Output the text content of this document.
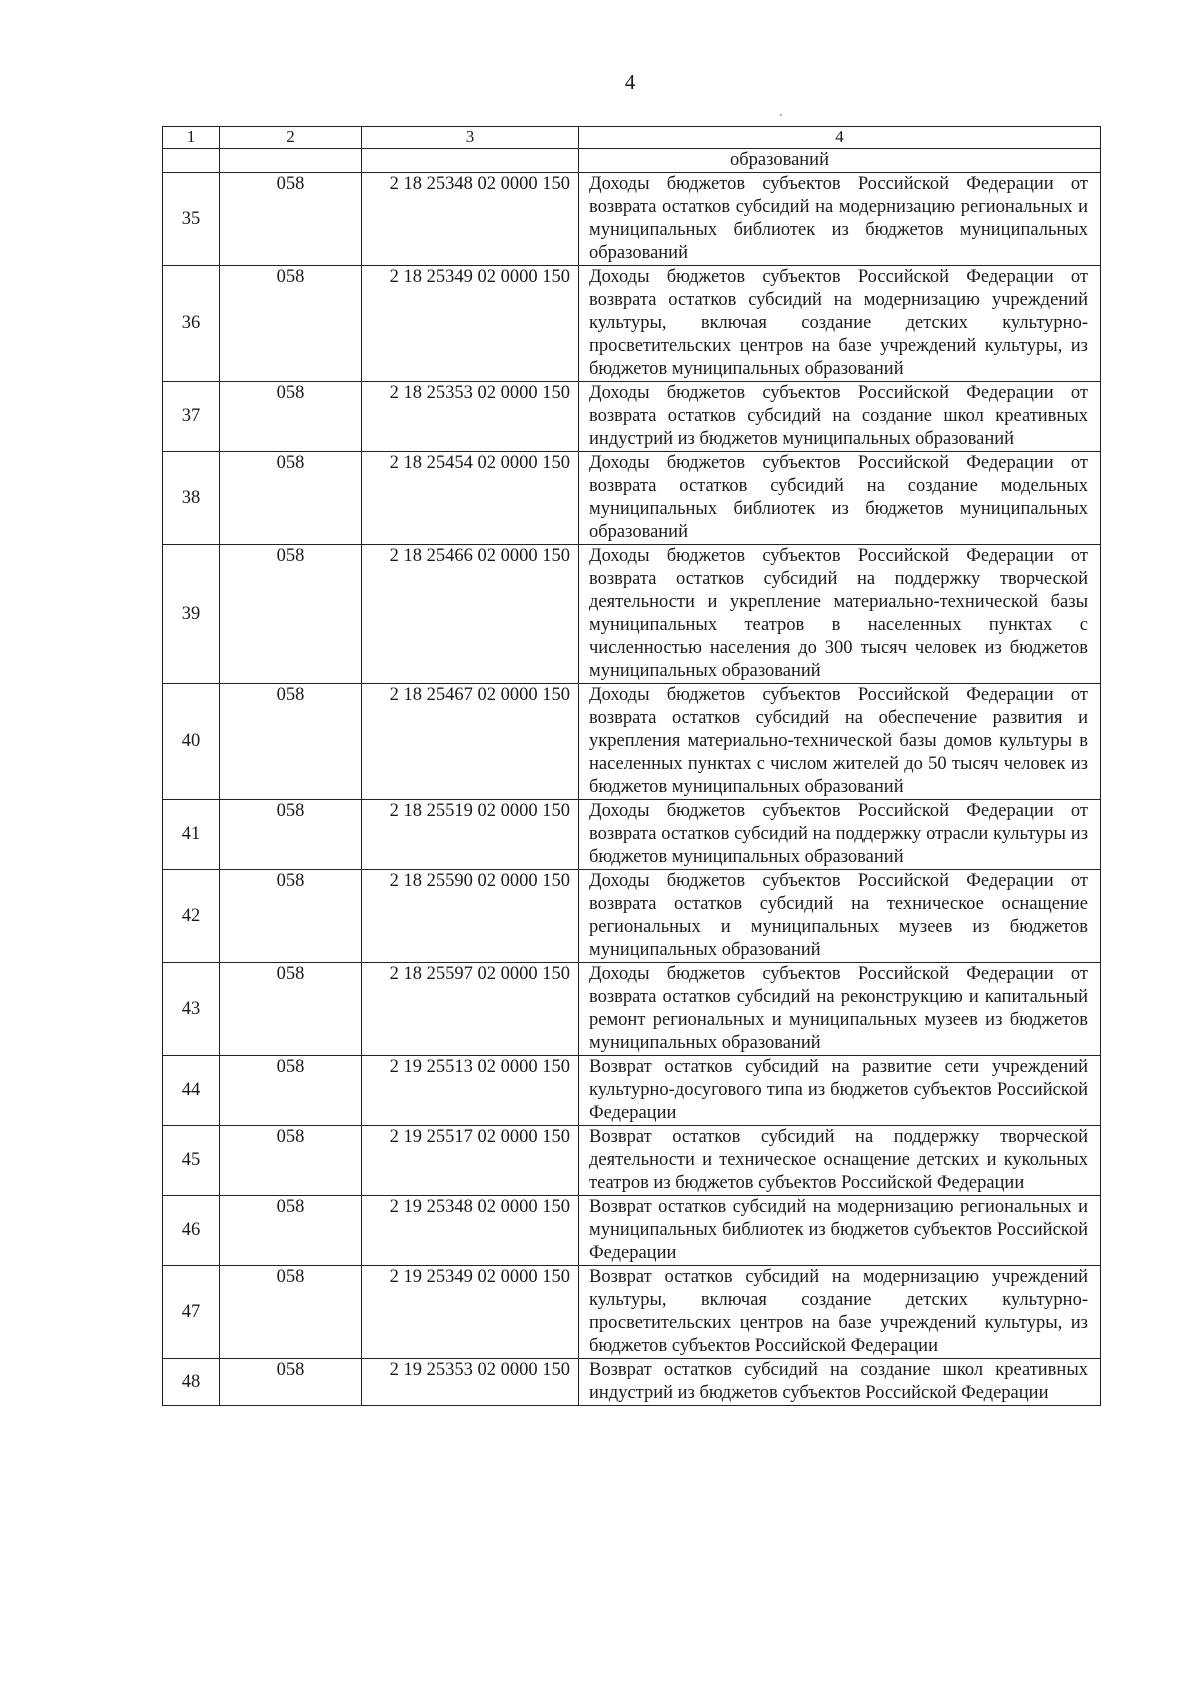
4
1	2	3	4
			образований
35	058	2 18 25348 02 0000 150	Доходы бюджетов субъектов Российской Федерации от возврата остатков субсидий на модернизацию региональных и муниципальных библиотек из бюджетов муниципальных образований
36	058	2 18 25349 02 0000 150	Доходы бюджетов субъектов Российской Федерации от возврата остатков субсидий на модернизацию учреждений культуры, включая создание детских культурно-просветительских центров на базе учреждений культуры, из бюджетов муниципальных образований
37	058	2 18 25353 02 0000 150	Доходы бюджетов субъектов Российской Федерации от возврата остатков субсидий на создание школ креативных индустрий из бюджетов муниципальных образований
38	058	2 18 25454 02 0000 150	Доходы бюджетов субъектов Российской Федерации от возврата остатков субсидий на создание модельных муниципальных библиотек из бюджетов муниципальных образований
39	058	2 18 25466 02 0000 150	Доходы бюджетов субъектов Российской Федерации от возврата остатков субсидий на поддержку творческой деятельности и укрепление материально-технической базы муниципальных театров в населенных пунктах с численностью населения до 300 тысяч человек из бюджетов муниципальных образований
40	058	2 18 25467 02 0000 150	Доходы бюджетов субъектов Российской Федерации от возврата остатков субсидий на обеспечение развития и укрепления материально-технической базы домов культуры в населенных пунктах с числом жителей до 50 тысяч человек из бюджетов муниципальных образований
41	058	2 18 25519 02 0000 150	Доходы бюджетов субъектов Российской Федерации от возврата остатков субсидий на поддержку отрасли культуры из бюджетов муниципальных образований
42	058	2 18 25590 02 0000 150	Доходы бюджетов субъектов Российской Федерации от возврата остатков субсидий на техническое оснащение региональных и муниципальных музеев из бюджетов муниципальных образований
43	058	2 18 25597 02 0000 150	Доходы бюджетов субъектов Российской Федерации от возврата остатков субсидий на реконструкцию и капитальный ремонт региональных и муниципальных музеев из бюджетов муниципальных образований
44	058	2 19 25513 02 0000 150	Возврат остатков субсидий на развитие сети учреждений культурно-досугового типа из бюджетов субъектов Российской Федерации
45	058	2 19 25517 02 0000 150	Возврат остатков субсидий на поддержку творческой деятельности и техническое оснащение детских и кукольных театров из бюджетов субъектов Российской Федерации
46	058	2 19 25348 02 0000 150	Возврат остатков субсидий на модернизацию региональных и муниципальных библиотек из бюджетов субъектов Российской Федерации
47	058	2 19 25349 02 0000 150	Возврат остатков субсидий на модернизацию учреждений культуры, включая создание детских культурно-просветительских центров на базе учреждений культуры, из бюджетов субъектов Российской Федерации
48	058	2 19 25353 02 0000 150	Возврат остатков субсидий на создание школ креативных индустрий из бюджетов субъектов Российской Федерации
